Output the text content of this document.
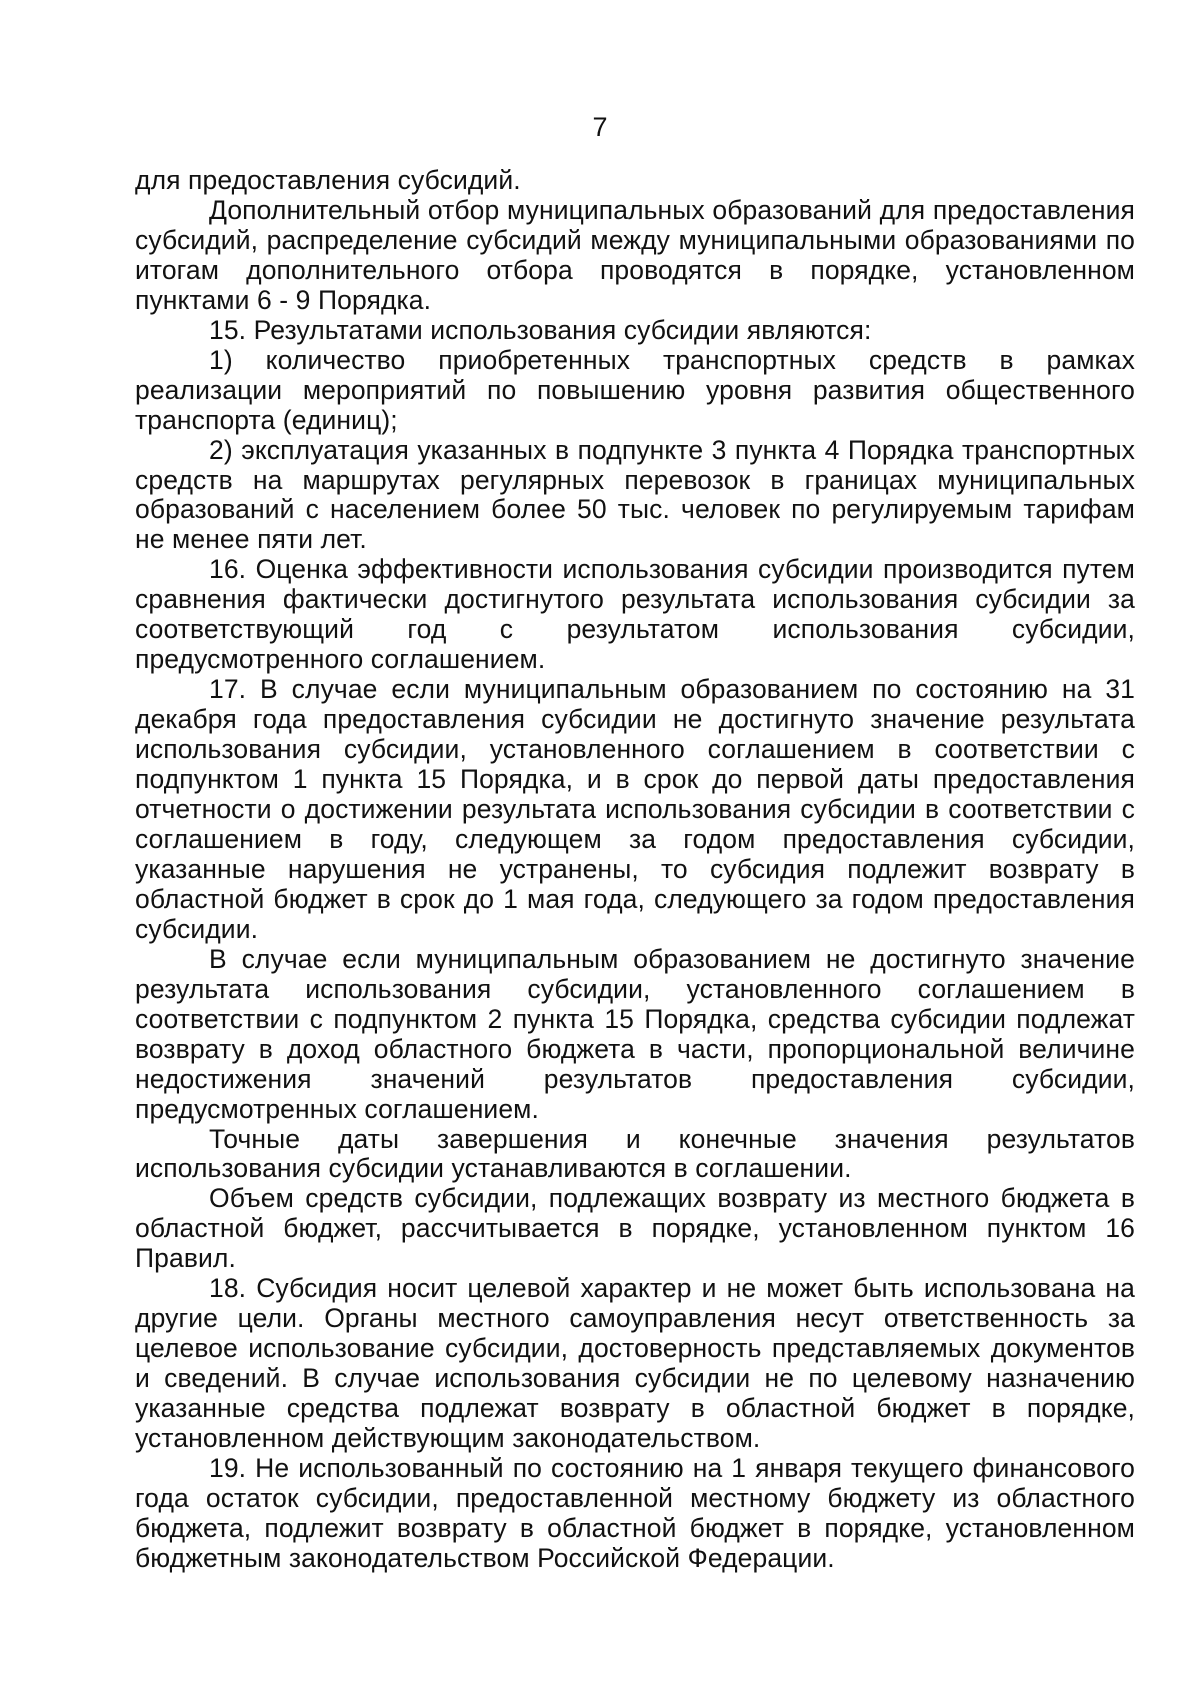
7

для предоставления субсидий.

Дополнительный отбор муниципальных образований для предоставления субсидий, распределение субсидий между муниципальными образованиями по итогам дополнительного отбора проводятся в порядке, установленном пунктами 6 - 9 Порядка.

15. Результатами использования субсидии являются:

1) количество приобретенных транспортных средств в рамках реализации мероприятий по повышению уровня развития общественного транспорта (единиц);

2) эксплуатация указанных в подпункте 3 пункта 4 Порядка транспортных средств на маршрутах регулярных перевозок в границах муниципальных образований с населением более 50 тыс. человек по регулируемым тарифам не менее пяти лет.

16. Оценка эффективности использования субсидии производится путем сравнения фактически достигнутого результата использования субсидии за соответствующий год с результатом использования субсидии, предусмотренного соглашением.

17. В случае если муниципальным образованием по состоянию на 31 декабря года предоставления субсидии не достигнуто значение результата использования субсидии, установленного соглашением в соответствии с подпунктом 1 пункта 15 Порядка, и в срок до первой даты предоставления отчетности о достижении результата использования субсидии в соответствии с соглашением в году, следующем за годом предоставления субсидии, указанные нарушения не устранены, то субсидия подлежит возврату в областной бюджет в срок до 1 мая года, следующего за годом предоставления субсидии.

В случае если муниципальным образованием не достигнуто значение результата использования субсидии, установленного соглашением в соответствии с подпунктом 2 пункта 15 Порядка, средства субсидии подлежат возврату в доход областного бюджета в части, пропорциональной величине недостижения значений результатов предоставления субсидии, предусмотренных соглашением.

Точные даты завершения и конечные значения результатов использования субсидии устанавливаются в соглашении.

Объем средств субсидии, подлежащих возврату из местного бюджета в областной бюджет, рассчитывается в порядке, установленном пунктом 16 Правил.

18. Субсидия носит целевой характер и не может быть использована на другие цели. Органы местного самоуправления несут ответственность за целевое использование субсидии, достоверность представляемых документов и сведений. В случае использования субсидии не по целевому назначению указанные средства подлежат возврату в областной бюджет в порядке, установленном действующим законодательством.

19. Не использованный по состоянию на 1 января текущего финансового года остаток субсидии, предоставленной местному бюджету из областного бюджета, подлежит возврату в областной бюджет в порядке, установленном бюджетным законодательством Российской Федерации.
